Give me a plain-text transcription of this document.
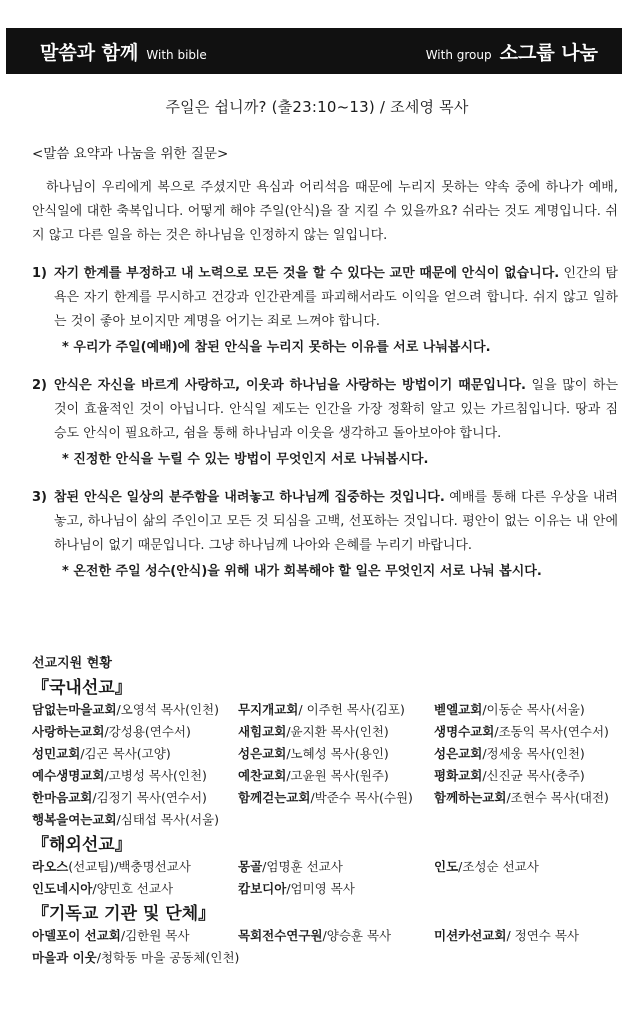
말씀과 함께 With bible	With group 소그룹 나눔
주일은 쉽니까? (출23:10~13) / 조세영 목사
<말씀 요약과 나눔을 위한 질문>

하나님이 우리에게 복으로 주셨지만 욕심과 어리석음 때문에 누리지 못하는 약속 중에 하나가 예배, 안식일에 대한 축복입니다. 어떻게 해야 주일(안식)을 잘 지킬 수 있을까요? 쉬라는 것도 계명입니다. 쉬지 않고 다른 일을 하는 것은 하나님을 인정하지 않는 일입니다.

1) 자기 한계를 부정하고 내 노력으로 모든 것을 할 수 있다는 교만 때문에 안식이 없습니다. 인간의 탐욕은 자기 한계를 무시하고 건강과 인간관계를 파괴해서라도 이익을 얻으려 합니다. 쉬지 않고 일하는 것이 좋아 보이지만 계명을 어기는 죄로 느껴야 합니다.
* 우리가 주일(예배)에 참된 안식을 누리지 못하는 이유를 서로 나눠봅시다.
2) 안식은 자신을 바르게 사랑하고, 이웃과 하나님을 사랑하는 방법이기 때문입니다. 일을 많이 하는 것이 효율적인 것이 아닙니다. 안식일 제도는 인간을 가장 정확히 알고 있는 가르침입니다. 땅과 짐승도 안식이 필요하고, 쉼을 통해 하나님과 이웃을 생각하고 돌아보아야 합니다.
* 진정한 안식을 누릴 수 있는 방법이 무엇인지 서로 나눠봅시다.
3) 참된 안식은 일상의 분주함을 내려놓고 하나님께 집중하는 것입니다. 예배를 통해 다른 우상을 내려놓고, 하나님이 삶의 주인이고 모든 것 되심을 고백, 선포하는 것입니다. 평안이 없는 이유는 내 안에 하나님이 없기 때문입니다. 그냥 하나님께 나아와 은혜를 누리기 바랍니다.
* 온전한 주일 성수(안식)을 위해 내가 회복해야 할 일은 무엇인지 서로 나눠 봅시다.
선교지원 현황
『국내선교』
담없는마을교회/오영석 목사(인천)	무지개교회/ 이주헌 목사(김포)	벧엘교회/이동순 목사(서울)
사랑하는교회/강성용(연수서)	새힘교회/윤지환 목사(인천)	생명수교회/조동익 목사(연수서)
성민교회/김곤 목사(고양)	성은교회/노혜성 목사(용인)	성은교회/정세웅 목사(인천)
예수생명교회/고병성 목사(인천)	예찬교회/고윤원 목사(원주)	평화교회/신진균 목사(충주)
한마음교회/김정기 목사(연수서)	함께걷는교회/박준수 목사(수원)	함께하는교회/조현수 목사(대전)
행복을여는교회/심태섭 목사(서울)
『해외선교』
라오스(선교팀)/백충명선교사	몽골/엄명훈 선교사	인도/조성순 선교사
인도네시아/양민호 선교사	캄보디아/엄미영 목사
『기독교 기관 및 단체』
아델포이 선교회/김한원 목사	목회전수연구원/양승훈 목사	미션카선교회/ 정연수 목사
마을과 이웃/청학동 마을 공동체(인천)
